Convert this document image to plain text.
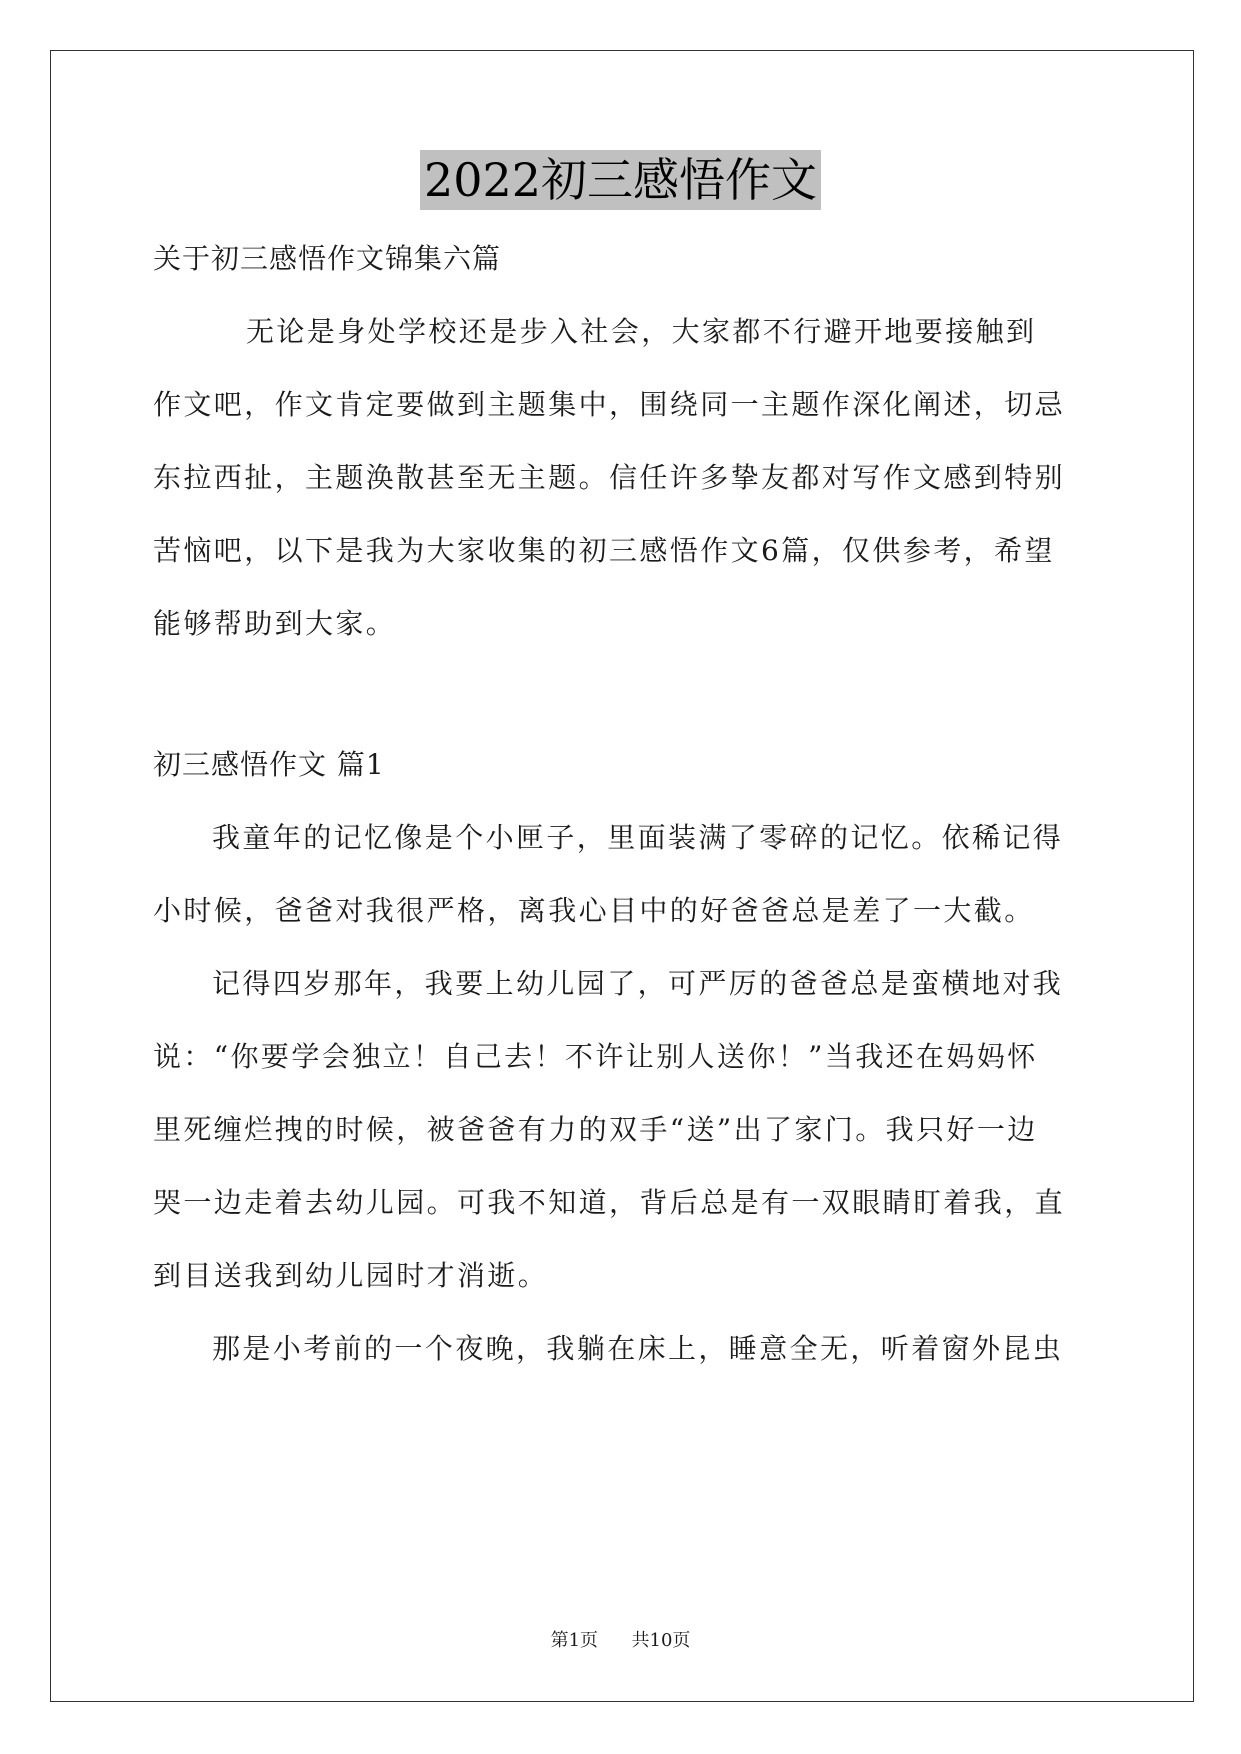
2022初三感悟作文
关于初三感悟作文锦集六篇
无论是身处学校还是步入社会，大家都不行避开地要接触到
作文吧，作文肯定要做到主题集中，围绕同一主题作深化阐述，切忌
东拉西扯，主题涣散甚至无主题。信任许多挚友都对写作文感到特别
苦恼吧，以下是我为大家收集的初三感悟作文6篇，仅供参考，希望
能够帮助到大家。
初三感悟作文 篇1
我童年的记忆像是个小匣子，里面装满了零碎的记忆。依稀记得
小时候，爸爸对我很严格，离我心目中的好爸爸总是差了一大截。
记得四岁那年，我要上幼儿园了，可严厉的爸爸总是蛮横地对我
说：“你要学会独立！自己去！不许让别人送你！”当我还在妈妈怀
里死缠烂拽的时候，被爸爸有力的双手“送”出了家门。我只好一边
哭一边走着去幼儿园。可我不知道，背后总是有一双眼睛盯着我，直
到目送我到幼儿园时才消逝。
那是小考前的一个夜晚，我躺在床上，睡意全无，听着窗外昆虫
第1页 共10页
